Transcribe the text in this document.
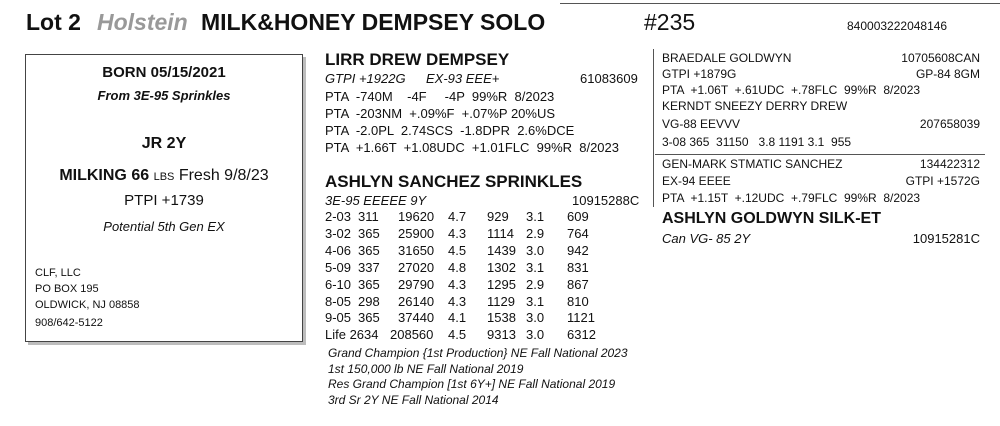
Lot 2 Holstein MILK&HONEY DEMPSEY SOLO	#235	840003222048146
BORN 05/15/2021
From 3E-95 Sprinkles
JR 2Y
MILKING 66 LBS Fresh 9/8/23
PTPI +1739
Potential 5th Gen EX
CLF, LLC
PO BOX 195
OLDWICK, NJ 08858
908/642-5122
LIRR DREW DEMPSEY
GTPI +1922G EX-93 EEE+	61083609
PTA  -740M    -4F     -4P  99%R  8/2023
PTA  -203NM  +.09%F  +.07%P 20%US
PTA  -2.0PL  2.74SCS  -1.8DPR  2.6%DCE
PTA  +1.66T  +1.08UDC  +1.01FLC  99%R  8/2023
ASHLYN SANCHEZ SPRINKLES
3E-95 EEEEE 9Y	10915288C
2-03 311 19620 4.7 929 3.1 609
3-02 365 25900 4.3 1114 2.9 764
4-06 365 31650 4.5 1439 3.0 942
5-09 337 27020 4.8 1302 3.1 831
6-10 365 29790 4.3 1295 2.9 867
8-05 298 26140 4.3 1129 3.1 810
9-05 365 37440 4.1 1538 3.0 1121
Life 2634 208560 4.5 9313 3.0 6312
Grand Champion {1st Production} NE Fall National 2023
1st 150,000 lb NE Fall National 2019
Res Grand Champion [1st 6Y+] NE Fall National 2019
3rd Sr 2Y NE Fall National 2014
BRAEDALE GOLDWYN	10705608CAN
GTPI +1879G	GP-84 8GM
PTA  +1.06T  +.61UDC  +.78FLC  99%R  8/2023
KERNDT SNEEZY DERRY DREW
VG-88 EEVVV	207658039
3-08 365  31150   3.8 1191 3.1  955
GEN-MARK STMATIC SANCHEZ	134422312
EX-94 EEEE	GTPI +1572G
PTA  +1.15T  +.12UDC  +.79FLC  99%R  8/2023
ASHLYN GOLDWYN SILK-ET
Can VG- 85 2Y	10915281C
